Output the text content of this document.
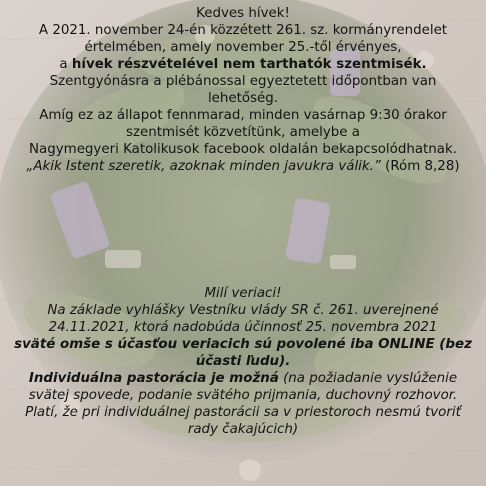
Kedves hívek!
A 2021. november 24-én közzétett 261. sz. kormányrendelet
értelmében, amely november 25.-től érvényes,
a hívek részvételével nem tarthatók szentmisék.
Szentgyónásra a plébánossal egyeztetett időpontban van
lehetőség.
Amíg ez az állapot fennmarad, minden vasárnap 9:30 órakor
szentmisét közvetítünk, amelybe a
Nagymegyeri Katolikusok facebook oldalán bekapcsolódhatnak.
„Akik Istent szeretik, azoknak minden javukra válik.” (Róm 8,28)
Milí veriaci!
Na základe vyhlášky Vestníku vlády SR č. 261. uverejnené
24.11.2021, ktorá nadobúda účinnosť 25. novembra 2021
sväté omše s účasťou veriacich sú povolené iba ONLINE (bez
účasti ľudu).
Individuálna pastorácia je možná (na požiadanie vyslúženie
svätej spovede, podanie svätého prijmania, duchovný rozhovor.
Platí, že pri individuálnej pastorácii sa v priestoroch nesmú tvoriť
rady čakajúcich)
